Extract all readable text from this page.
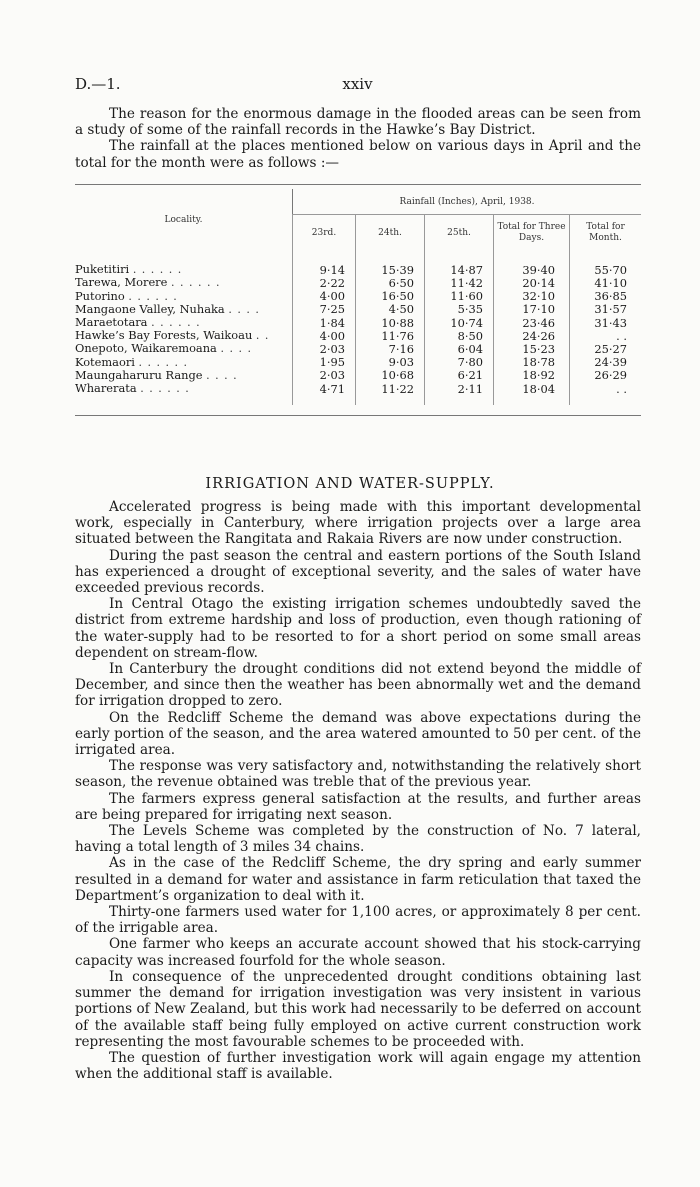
D.—1.	xxiv

The reason for the enormous damage in the flooded areas can be seen from a study of some of the rainfall records in the Hawke’s Bay District.

The rainfall at the places mentioned below on various days in April and the total for the month were as follows :—

Locality.	Rainfall (Inches), April, 1938.				
	23rd.	24th.	25th.	Total for Three Days.	Total for Month.

Puketitiri . . . . . .	9·14	15·39	14·87	39·40	55·70
Tarewa, Morere . . . . . .	2·22	6·50	11·42	20·14	41·10
Putorino . . . . . .	4·00	16·50	11·60	32·10	36·85
Mangaone Valley, Nuhaka . . . .	7·25	4·50	5·35	17·10	31·57
Maraetotara . . . . . .	1·84	10·88	10·74	23·46	31·43
Hawke’s Bay Forests, Waikoau . .	4·00	11·76	8·50	24·26	. .
Onepoto, Waikaremoana . . . .	2·03	7·16	6·04	15·23	25·27
Kotemaori . . . . . .	1·95	9·03	7·80	18·78	24·39
Maungaharuru Range . . . .	2·03	10·68	6·21	18·92	26·29
Wharerata . . . . . .	4·71	11·22	2·11	18·04	. .

IRRIGATION AND WATER-SUPPLY.

Accelerated progress is being made with this important developmental work, especially in Canterbury, where irrigation projects over a large area situated between the Rangitata and Rakaia Rivers are now under construction.

During the past season the central and eastern portions of the South Island has experienced a drought of exceptional severity, and the sales of water have exceeded previous records.

In Central Otago the existing irrigation schemes undoubtedly saved the district from extreme hardship and loss of production, even though rationing of the water-supply had to be resorted to for a short period on some small areas dependent on stream-flow.

In Canterbury the drought conditions did not extend beyond the middle of December, and since then the weather has been abnormally wet and the demand for irrigation dropped to zero.

On the Redcliff Scheme the demand was above expectations during the early portion of the season, and the area watered amounted to 50 per cent. of the irrigated area.

The response was very satisfactory and, notwithstanding the relatively short season, the revenue obtained was treble that of the previous year.

The farmers express general satisfaction at the results, and further areas are being prepared for irrigating next season.

The Levels Scheme was completed by the construction of No. 7 lateral, having a total length of 3 miles 34 chains.

As in the case of the Redcliff Scheme, the dry spring and early summer resulted in a demand for water and assistance in farm reticulation that taxed the Department’s organization to deal with it.

Thirty-one farmers used water for 1,100 acres, or approximately 8 per cent. of the irrigable area.

One farmer who keeps an accurate account showed that his stock-carrying capacity was increased fourfold for the whole season.

In consequence of the unprecedented drought conditions obtaining last summer the demand for irrigation investigation was very insistent in various portions of New Zealand, but this work had necessarily to be deferred on account of the available staff being fully employed on active current construction work representing the most favourable schemes to be proceeded with.

The question of further investigation work will again engage my attention when the additional staff is available.
